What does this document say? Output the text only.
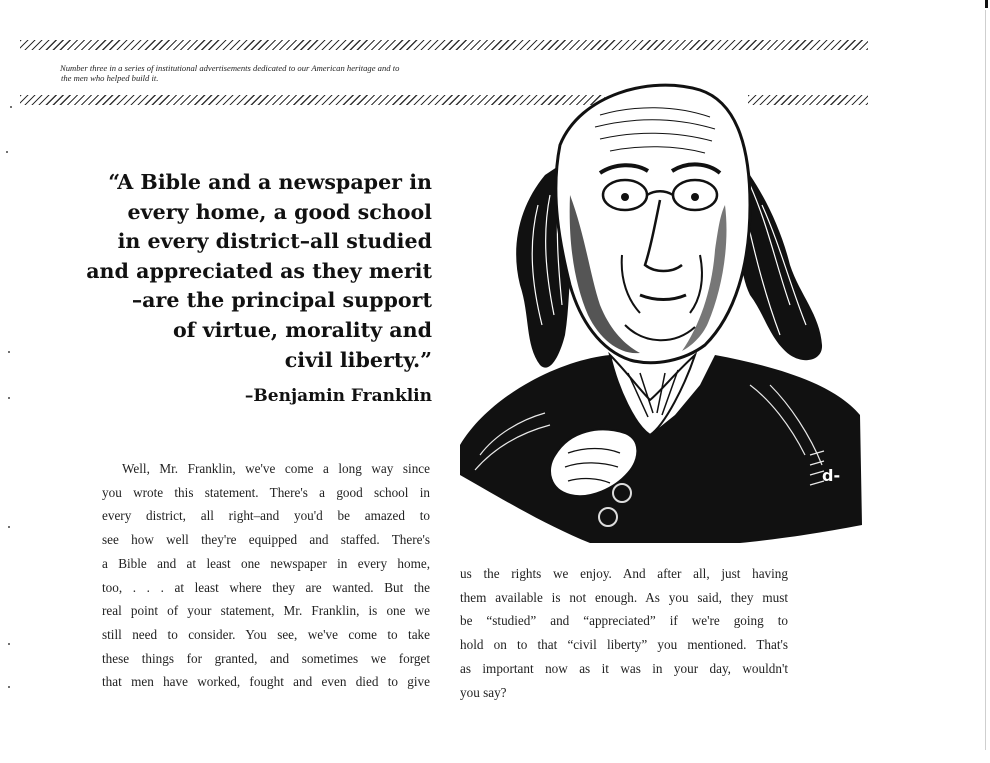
Number three in a series of institutional advertisements dedicated to our American heritage and to
the men who helped build it.
“A Bible and a newspaper in
every home, a good school
in every district–all studied
and appreciated as they merit
–are the principal support
of virtue, morality and
civil liberty.”
–Benjamin Franklin
Well, Mr. Franklin, we've come a long way since
you wrote this statement. There's a good school in
every district, all right–and you'd be amazed to
see how well they're equipped and staffed. There's
a Bible and at least one newspaper in every home,
too, . . . at least where they are wanted. But the
real point of your statement, Mr. Franklin, is one we
still need to consider. You see, we've come to take
these things for granted, and sometimes we forget
that men have worked, fought and even died to give
us the rights we enjoy. And after all, just having
them available is not enough. As you said, they must
be “studied” and “appreciated” if we're going to
hold on to that “civil liberty” you mentioned. That's
as important now as it was in your day, wouldn't
you say?
d-
